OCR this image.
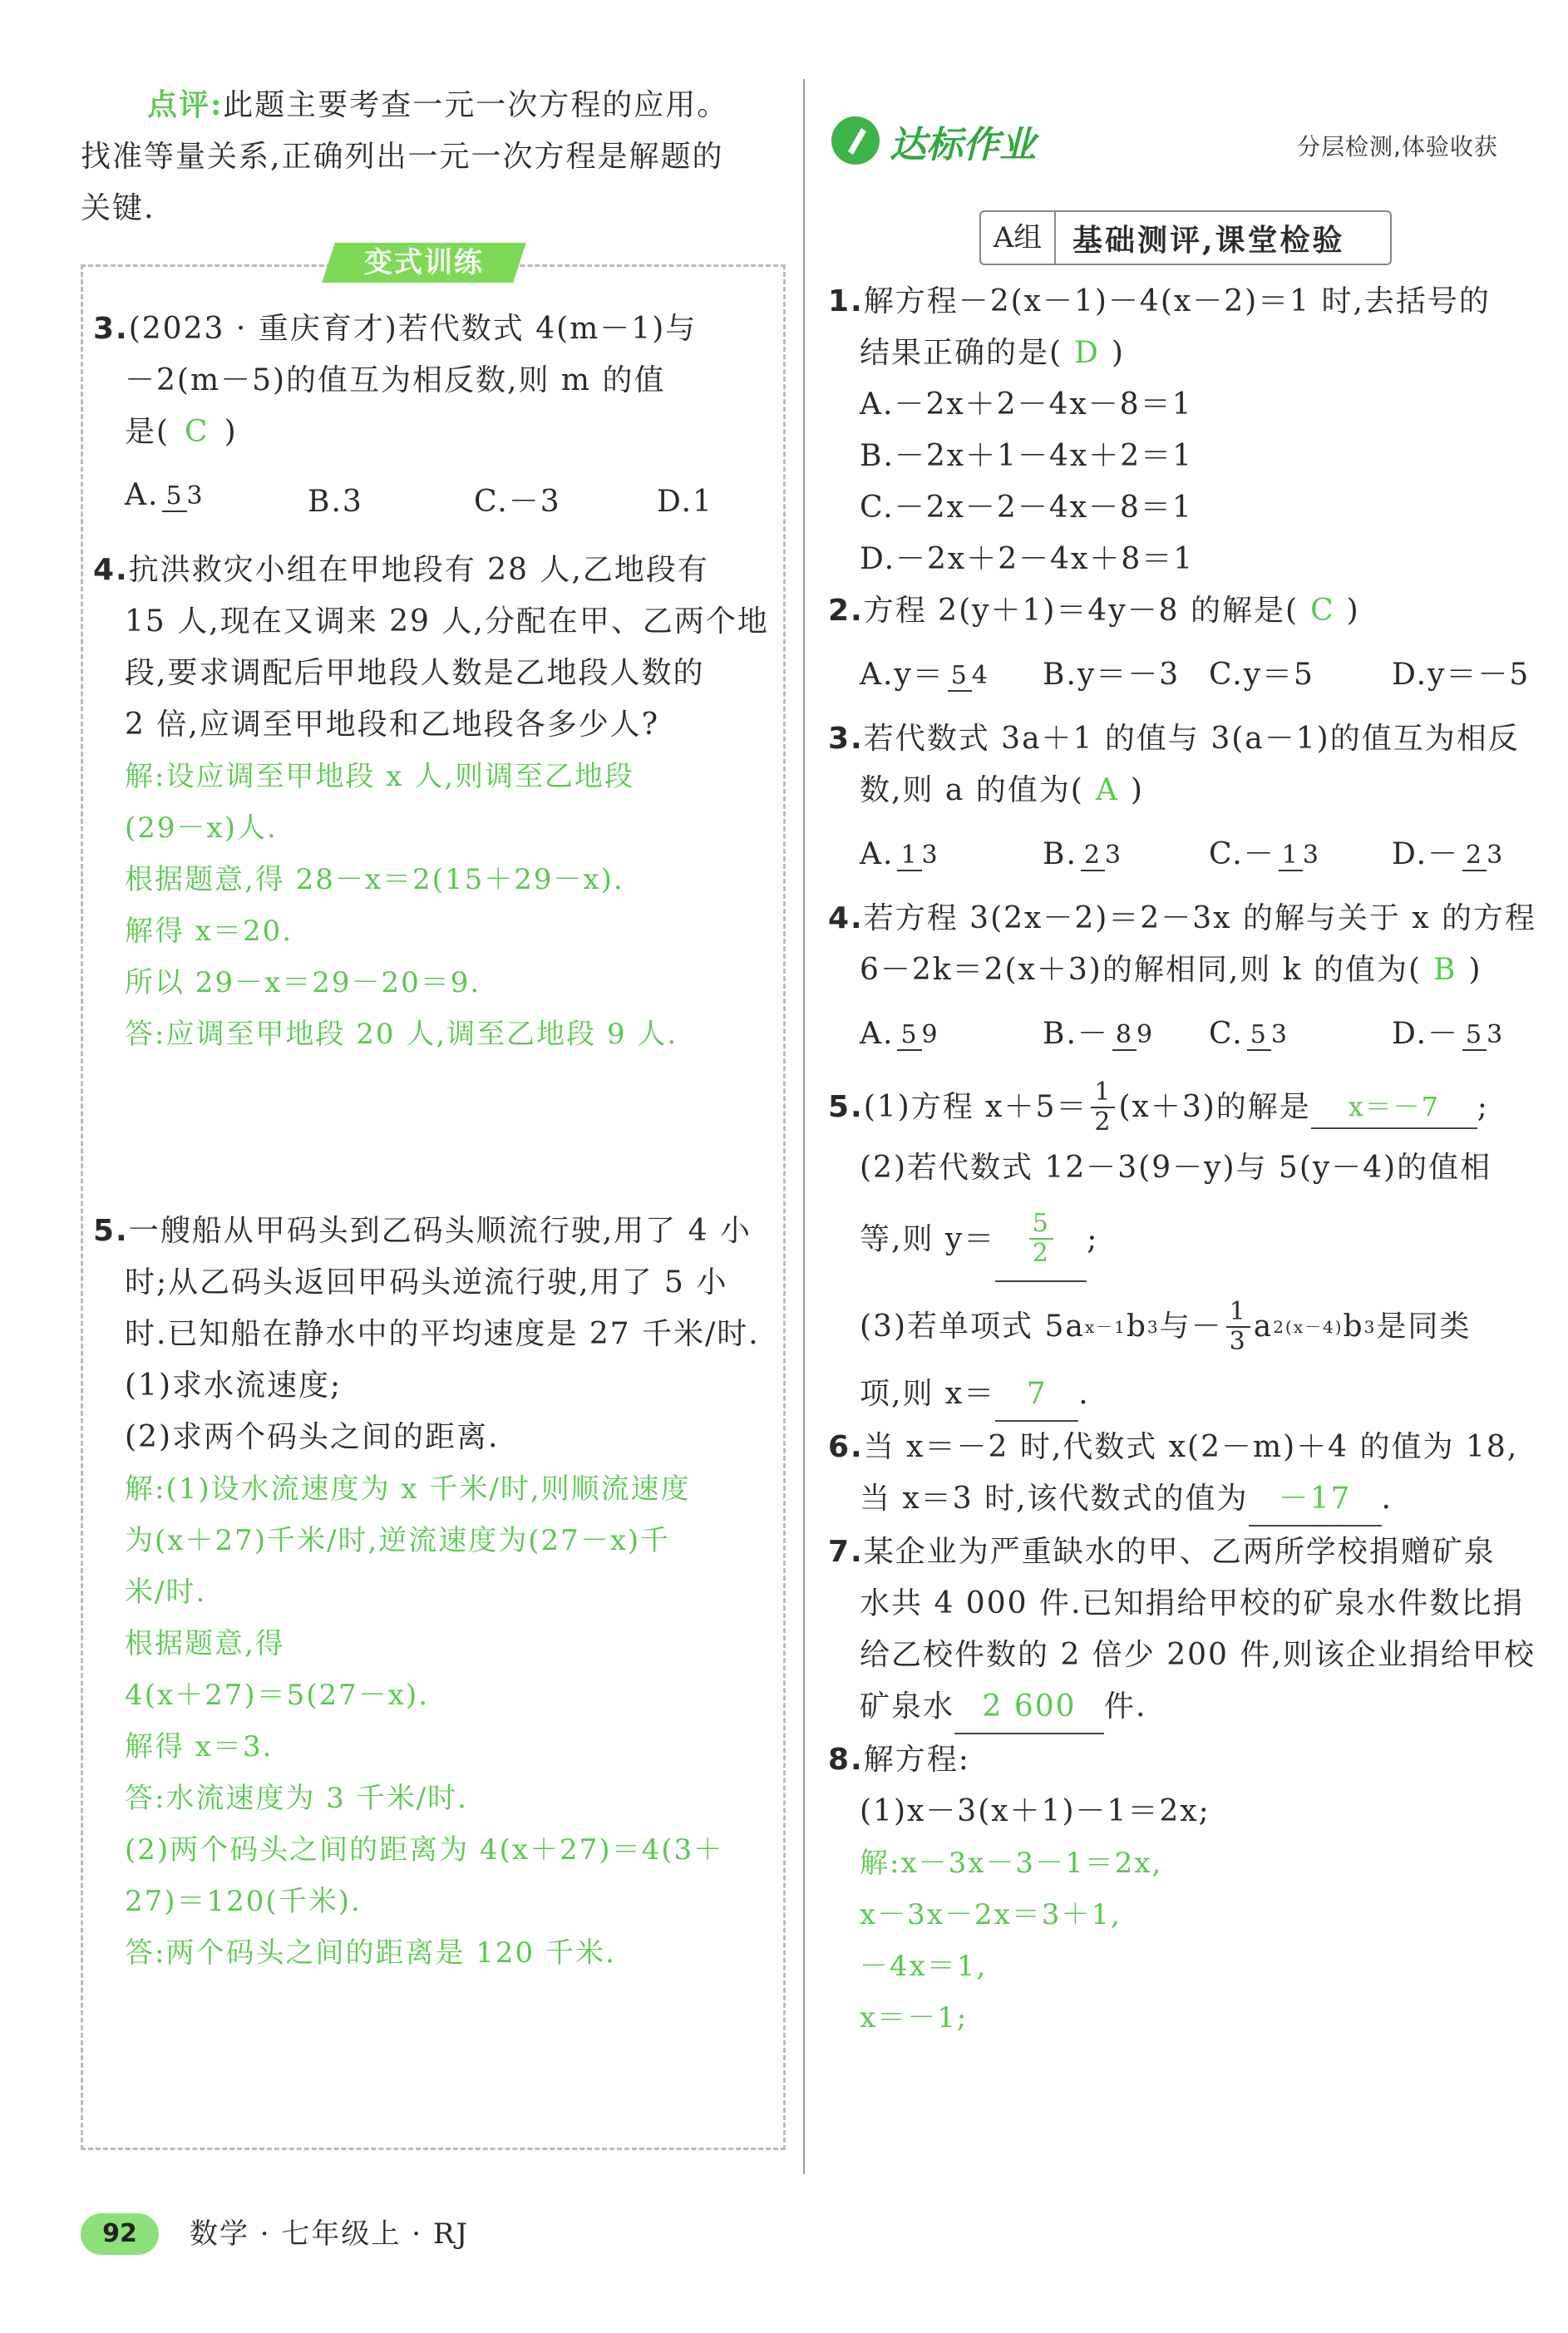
点评:此题主要考查一元一次方程的应用。
找准等量关系,正确列出一元一次方程是解题的
关键.
变式训练
3.(2023 · 重庆育才)若代数式 4(m－1)与
－2(m－5)的值互为相反数,则 m 的值
是( C )
A. 5 3	B.3	C.－3	D.1
4.抗洪救灾小组在甲地段有 28 人,乙地段有
15 人,现在又调来 29 人,分配在甲、乙两个地
段,要求调配后甲地段人数是乙地段人数的
2 倍,应调至甲地段和乙地段各多少人?
解:设应调至甲地段 x 人,则调至乙地段
(29－x)人.
根据题意,得 28－x＝2(15＋29－x).
解得 x＝20.
所以 29－x＝29－20＝9.
答:应调至甲地段 20 人,调至乙地段 9 人.
5.一艘船从甲码头到乙码头顺流行驶,用了 4 小
时;从乙码头返回甲码头逆流行驶,用了 5 小
时.已知船在静水中的平均速度是 27 千米/时.
(1)求水流速度;
(2)求两个码头之间的距离.
解:(1)设水流速度为 x 千米/时,则顺流速度
为(x＋27)千米/时,逆流速度为(27－x)千
米/时.
根据题意,得
4(x＋27)＝5(27－x).
解得 x＝3.
答:水流速度为 3 千米/时.
(2)两个码头之间的距离为 4(x＋27)＝4(3＋
27)＝120(千米).
答:两个码头之间的距离是 120 千米.
达标作业	分层检测,体验收获
A组	基础测评,课堂检验
1.解方程－2(x－1)－4(x－2)＝1 时,去括号的
结果正确的是( D )
A.－2x＋2－4x－8＝1
B.－2x＋1－4x＋2＝1
C.－2x－2－4x－8＝1
D.－2x＋2－4x＋8＝1
2.方程 2(y＋1)＝4y－8 的解是( C )
A.y＝ 5 4	B.y＝－3 C.y＝5	D.y＝－5
3.若代数式 3a＋1 的值与 3(a－1)的值互为相反
数,则 a 的值为( A )
A. 1 3	B. 2 3	C.－ 1 3	D.－ 2 3
4.若方程 3(2x－2)＝2－3x 的解与关于 x 的方程
6－2k＝2(x＋3)的解相同,则 k 的值为( B )
A. 5 9	B.－ 8 9	C. 5 3	D.－ 5 3
5. (1)方程 $x+5= \frac{1}{2} (x+3)$的解是	x＝－7	;
(2)若代数式 12－3(9－y)与 5(y－4)的值相
等,则 $y= \frac{5}{2}$ ;
(3)若单项式 5a x－1 b 3 与－ $\frac{1}{3}$ a 2(x－4) b 3 是同类
项,则 x＝ 7 .
6.当 x＝－2 时,代数式 x(2－m)＋4 的值为 18,
当 x＝3 时,该代数式的值为 －17 .
7.某企业为严重缺水的甲、乙两所学校捐赠矿泉
水共 4 000 件.已知捐给甲校的矿泉水件数比捐
给乙校件数的 2 倍少 200 件,则该企业捐给甲校
矿泉水 2 600 件.
8.解方程:
(1)x－3(x＋1)－1＝2x;
解:x－3x－3－1＝2x,
x－3x－2x＝3＋1,
－4x＝1,
x＝－1;
92	数学 · 七年级上 · RJ
